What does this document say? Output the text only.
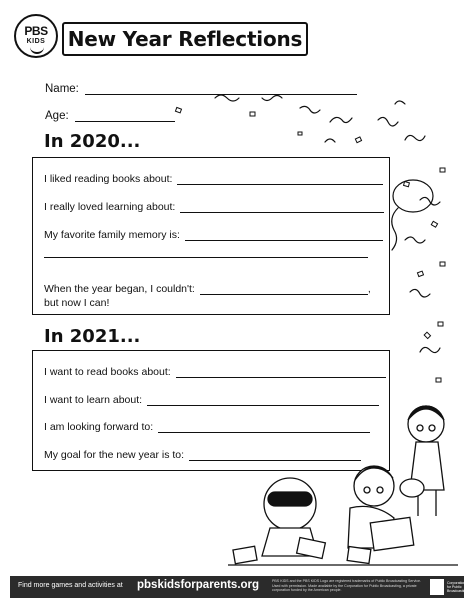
PBS
KIDS	New Year Reflections
Name:
Age:
In 2020...
I liked reading books about:
I really loved learning about:
My favorite family memory is:
When the year began, I couldn't:	,
but now I can!
In 2021...
I want to read books about:
I want to learn about:
I am looking forward to:
My goal for the new year is to:
Find more games and activities at pbskidsforparents.org	PBS KIDS and the PBS KIDS Logo are registered trademarks of Public Broadcasting Service. Used with permission. Made available by the Corporation for Public Broadcasting, a private corporation funded by the American people.
Corporation for Public Broadcasting
